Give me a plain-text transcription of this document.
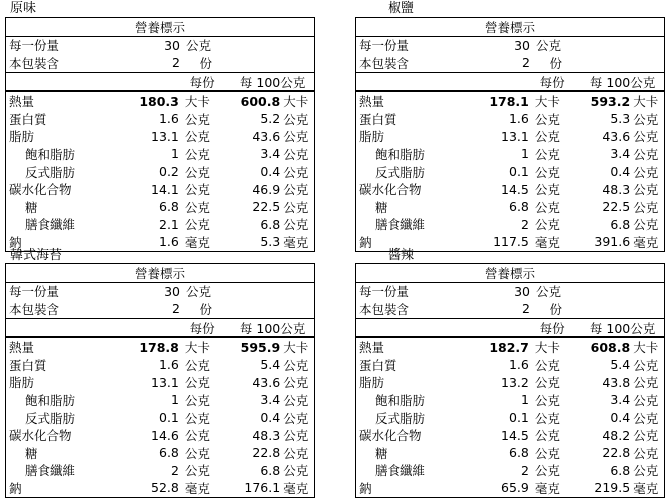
原味
營養標示
每一份量	30 公克
本包裝含	2	份
每份	每 100 公克
熱量	180.3 大卡	600.8 大卡
蛋白質	1.6 公克	5.2 公克
脂肪	13.1 公克	43.6 公克
飽和脂肪	1 公克	3.4 公克
反式脂肪	0.2 公克	0.4 公克
碳水化合物	14.1 公克	46.9 公克
糖	6.8 公克	22.5 公克
膳食纖維	2.1 公克	6.8 公克
鈉	1.6 毫克	5.3 毫克
椒鹽
營養標示
每一份量	30 公克
本包裝含	2	份
每份	每 100 公克
熱量	178.1 大卡	593.2 大卡
蛋白質	1.6 公克	5.3 公克
脂肪	13.1 公克	43.6 公克
飽和脂肪	1 公克	3.4 公克
反式脂肪	0.1 公克	0.4 公克
碳水化合物	14.5 公克	48.3 公克
糖	6.8 公克	22.5 公克
膳食纖維	2 公克	6.8 公克
鈉	117.5 毫克	391.6 毫克
韓式海苔
營養標示
每一份量	30 公克
本包裝含	2	份
每份	每 100 公克
熱量	178.8 大卡	595.9 大卡
蛋白質	1.6 公克	5.4 公克
脂肪	13.1 公克	43.6 公克
飽和脂肪	1 公克	3.4 公克
反式脂肪	0.1 公克	0.4 公克
碳水化合物	14.6 公克	48.3 公克
糖	6.8 公克	22.8 公克
膳食纖維	2 公克	6.8 公克
鈉	52.8 毫克	176.1 毫克
醬辣
營養標示
每一份量	30 公克
本包裝含	2	份
每份	每 100 公克
熱量	182.7 大卡	608.8 大卡
蛋白質	1.6 公克	5.4 公克
脂肪	13.2 公克	43.8 公克
飽和脂肪	1 公克	3.4 公克
反式脂肪	0.1 公克	0.4 公克
碳水化合物	14.5 公克	48.2 公克
糖	6.8 公克	22.8 公克
膳食纖維	2 公克	6.8 公克
鈉	65.9 毫克	219.5 毫克
